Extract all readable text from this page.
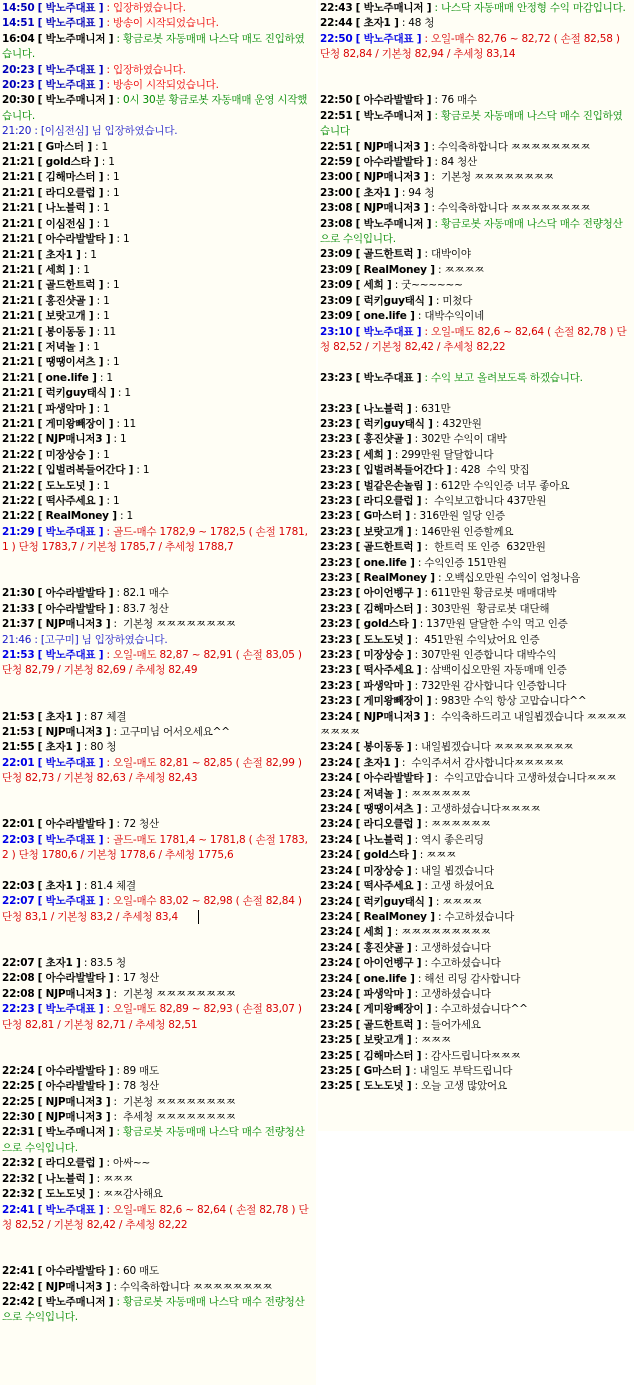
14:50 [ 박노주대표 ] : 입장하였습니다.
14:51 [ 박노주대표 ] : 방송이 시작되었습니다.
16:04 [ 박노주매니저 ] : 황금로봇 자동매매 나스닥 매도 진입하였습니다.
20:23 [ 박노주대표 ] : 입장하였습니다.
20:23 [ 박노주대표 ] : 방송이 시작되었습니다.
20:30 [ 박노주매니저 ] : 0시 30분 황금로봇 자동매매 운영 시작했습니다.
21:20 : [이심전심] 님 입장하였습니다.
21:21 [ G마스터 ] : 1
21:21 [ gold스타 ] : 1
21:21 [ 김해마스터 ] : 1
21:21 [ 라디오클럽 ] : 1
21:21 [ 나노블럭 ] : 1
21:21 [ 이심전심 ] : 1
21:21 [ 아수라발발타 ] : 1
21:21 [ 초자1 ] : 1
21:21 [ 세희 ] : 1
21:21 [ 골드한트럭 ] : 1
21:21 [ 홍진샷골 ] : 1
21:21 [ 보랏고개 ] : 1
21:21 [ 봉이동동 ] : 11
21:21 [ 저녁놀 ] : 1
21:21 [ 땡땡이셔츠 ] : 1
21:21 [ one.life ] : 1
21:21 [ 럭키guy태식 ] : 1
21:21 [ 파생악마 ] : 1
21:21 [ 게미왕빼장이 ] : 11
21:22 [ NJP매니저3 ] : 1
21:22 [ 미장상승 ] : 1
21:22 [ 입벌려복들어간다 ] : 1
21:22 [ 도노도넛 ] : 1
21:22 [ 떡사주세요 ] : 1
21:22 [ RealMoney ] : 1
21:29 [ 박노주대표 ] : 골드-매수 1782,9 ~ 1782,5 ( 손절 1781,1 ) 단청 1783,7 / 기본청 1785,7 / 추세청 1788,7
21:30 [ 아수라발발타 ] : 82.1 매수
21:33 [ 아수라발발타 ] : 83.7 청산
21:37 [ NJP매니저3 ] :  기본청 ㅉㅉㅉㅉㅉㅉㅉㅉ
21:46 : [고구미] 님 입장하였습니다.
21:53 [ 박노주대표 ] : 오일-매도 82,87 ~ 82,91 ( 손절 83,05 ) 단청 82,79 / 기본청 82,69 / 추세청 82,49
21:53 [ 초자1 ] : 87 체결
21:53 [ NJP매니저3 ] : 고구미님 어서오세요^^
21:55 [ 초자1 ] : 80 청
22:01 [ 박노주대표 ] : 오일-매도 82,81 ~ 82,85 ( 손절 82,99 ) 단청 82,73 / 기본청 82,63 / 추세청 82,43
22:01 [ 아수라발발타 ] : 72 청산
22:03 [ 박노주대표 ] : 골드-매도 1781,4 ~ 1781,8 ( 손절 1783,2 ) 단청 1780,6 / 기본청 1778,6 / 추세청 1775,6
22:03 [ 초자1 ] : 81.4 체결
22:07 [ 박노주대표 ] : 오일-매수 83,02 ~ 82,98 ( 손절 82,84 ) 단청 83,1 / 기본청 83,2 / 추세청 83,4
22:07 [ 초자1 ] : 83.5 청
22:08 [ 아수라발발타 ] : 17 청산
22:08 [ NJP매니저3 ] :  기본청 ㅉㅉㅉㅉㅉㅉㅉㅉ
22:23 [ 박노주대표 ] : 오일-매도 82,89 ~ 82,93 ( 손절 83,07 ) 단청 82,81 / 기본청 82,71 / 추세청 82,51
22:24 [ 아수라발발타 ] : 89 매도
22:25 [ 아수라발발타 ] : 78 청산
22:25 [ NJP매니저3 ] :  기본청 ㅉㅉㅉㅉㅉㅉㅉㅉ
22:30 [ NJP매니저3 ] :  추세청 ㅉㅉㅉㅉㅉㅉㅉㅉ
22:31 [ 박노주매니저 ] : 황금로봇 자동매매 나스닥 매수 전량청산으로 수익입니다.
22:32 [ 라디오클럽 ] : 아싸~~
22:32 [ 나노블럭 ] : ㅉㅉㅉ
22:32 [ 도노도넛 ] : ㅉㅉ감사해요
22:41 [ 박노주대표 ] : 오일-매도 82,6 ~ 82,64 ( 손절 82,78 ) 단청 82,52 / 기본청 82,42 / 추세청 82,22
22:41 [ 아수라발발타 ] : 60 매도
22:42 [ NJP매니저3 ] : 수익축하합니다 ㅉㅉㅉㅉㅉㅉㅉㅉ
22:42 [ 박노주매니저 ] : 황금로봇 자동매매 나스닥 매수 전량청산으로 수익입니다.
22:43 [ 박노주매니저 ] : 나스닥 자동매매 안정형 수익 마감입니다.
22:44 [ 초자1 ] : 48 청
22:50 [ 박노주대표 ] : 오일-매수 82,76 ~ 82,72 ( 손절 82,58 ) 단청 82,84 / 기본청 82,94 / 추세청 83,14
22:50 [ 아수라발발타 ] : 76 매수
22:51 [ 박노주매니저 ] : 황금로봇 자동매매 나스닥 매수 진입하였습니다
22:51 [ NJP매니저3 ] : 수익축하합니다 ㅉㅉㅉㅉㅉㅉㅉㅉ
22:59 [ 아수라발발타 ] : 84 청산
23:00 [ NJP매니저3 ] :  기본청 ㅉㅉㅉㅉㅉㅉㅉㅉ
23:00 [ 초자1 ] : 94 청
23:08 [ NJP매니저3 ] : 수익축하합니다 ㅉㅉㅉㅉㅉㅉㅉㅉ
23:08 [ 박노주매니저 ] : 황금로봇 자동매매 나스닥 매수 전량청산으로 수익입니다.
23:09 [ 골드한트럭 ] : 대박이야
23:09 [ RealMoney ] : ㅉㅉㅉㅉ
23:09 [ 세희 ] : 굿~~~~~~
23:09 [ 럭키guy태식 ] : 미쳤다
23:09 [ one.life ] : 대박수익이네
23:10 [ 박노주대표 ] : 오일-매도 82,6 ~ 82,64 ( 손절 82,78 ) 단청 82,52 / 기본청 82,42 / 추세청 82,22
23:23 [ 박노주대표 ] : 수익 보고 올려보도록 하겠습니다.
23:23 [ 나노블럭 ] : 631만
23:23 [ 럭키guy태식 ] : 432만원
23:23 [ 홍진샷골 ] : 302만 수익이 대박
23:23 [ 세희 ] : 299만원 달달합니다
23:23 [ 입벌려복들어간다 ] : 428  수익 맛집
23:23 [ 벌같은손놀림 ] : 612만 수익인증 너무 좋아요
23:23 [ 라디오클럽 ] :  수익보고합니다 437만원
23:23 [ G마스터 ] : 316만원 일당 인증
23:23 [ 보랏고개 ] : 146만원 인증할께요
23:23 [ 골드한트럭 ] :  한트럭 또 인증  632만원
23:23 [ one.life ] : 수익인증 151만원
23:23 [ RealMoney ] : 오백십오만원 수익이 엄청나음
23:23 [ 아이언벵구 ] : 611만원 황금로봇 매매대박
23:23 [ 김해마스터 ] : 303만원  황금로봇 대단해
23:23 [ gold스타 ] : 137만원 달달한 수익 먹고 인증
23:23 [ 도노도넛 ] :  451만원 수익났어요 인증
23:23 [ 미장상승 ] : 307만원 인증합니다 대박수익
23:23 [ 떡사주세요 ] : 삼백이십오만원 자동매매 인증
23:23 [ 파생악마 ] : 732만원 감사합니다 인증합니다
23:23 [ 게미왕빼장이 ] : 983만 수익 항상 고맙습니다^^
23:24 [ NJP매니저3 ] :  수익축하드리고 내일뵙겠습니다 ㅉㅉㅉㅉㅉㅉㅉㅉ
23:24 [ 봉이동동 ] : 내일뵙겠습니다 ㅉㅉㅉㅉㅉㅉㅉㅉ
23:24 [ 초자1 ] :  수익주셔서 감사합니다ㅉㅉㅉㅉㅉ
23:24 [ 아수라발발타 ] :  수익고맙습니다 고생하셨습니다ㅉㅉㅉ
23:24 [ 저녁놀 ] : ㅉㅉㅉㅉㅉㅉ
23:24 [ 땡땡이셔츠 ] : 고생하셨습니다ㅉㅉㅉㅉ
23:24 [ 라디오클럽 ] : ㅉㅉㅉㅉㅉㅉ
23:24 [ 나노블럭 ] : 역시 좋은리딩
23:24 [ gold스타 ] : ㅉㅉㅉ
23:24 [ 미장상승 ] : 내일 뵙겠습니다
23:24 [ 떡사주세요 ] : 고생 하셨어요
23:24 [ 럭키guy태식 ] : ㅉㅉㅉㅉ
23:24 [ RealMoney ] : 수고하셨습니다
23:24 [ 세희 ] : ㅉㅉㅉㅉㅉㅉㅉㅉㅉ
23:24 [ 홍진샷골 ] : 고생하셨습니다
23:24 [ 아이언벵구 ] : 수고하셨습니다
23:24 [ one.life ] : 해선 리딩 감사합니다
23:24 [ 파생악마 ] : 고생하셨습니다
23:24 [ 게미왕빼장이 ] : 수고하셨습니다^^
23:25 [ 골드한트럭 ] : 들어가세요
23:25 [ 보랏고개 ] : ㅉㅉㅉ
23:25 [ 김해마스터 ] : 감사드립니다ㅉㅉㅉ
23:25 [ G마스터 ] : 내일도 부탁드립니다
23:25 [ 도노도넛 ] : 오늘 고생 많았어요
